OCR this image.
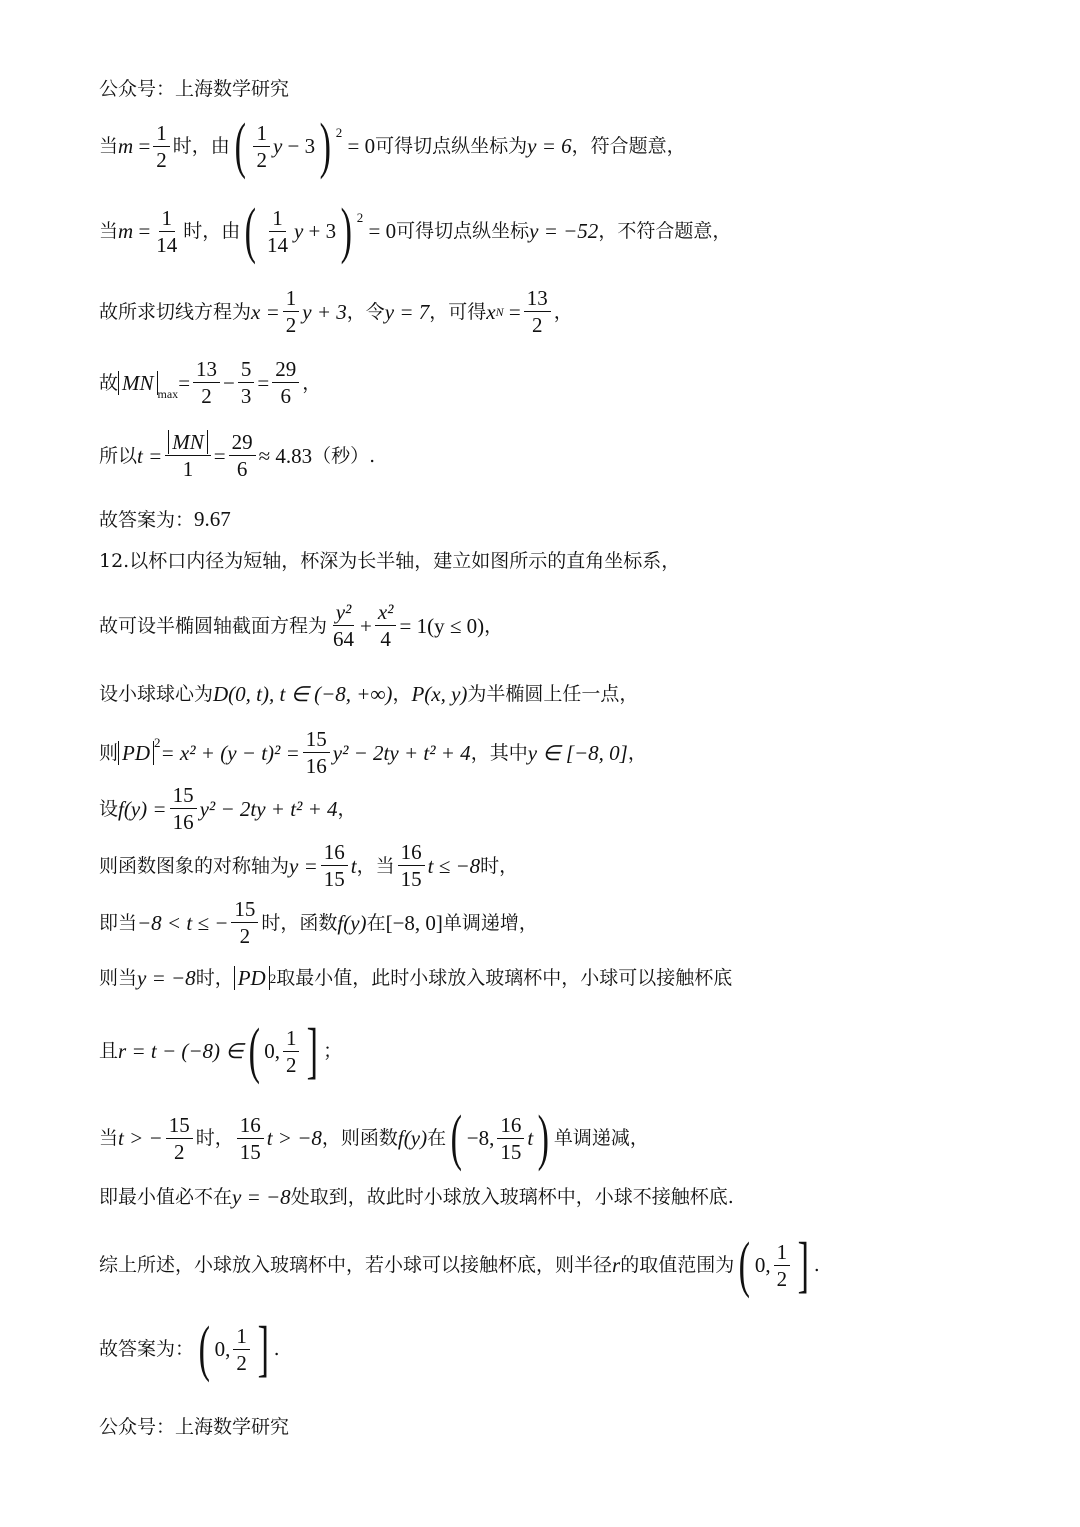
公众号：上海数学研究
当 m
= $\frac{1}{2}$ 时，由 ( $\frac{1}{2}$ y
− 3 ) 2

= 0 可得切点纵坐标为 y = 6 ，符合题意，
当 $m = \frac{1}{14}$ 时，由 ( $\frac{1}{14}$ y
+ 3 ) 2

= 0 可得切点纵坐标 y = −52 ，不符合题意，
故所求切线方程为 $x = \frac{1}{2}$ y + 3 ，令 y = 7 ，可得 x N
= $\frac{13}{2}$ ，
故 MN $\max = \frac{13}{2} - \frac{5}{3} = \frac{29}{6}$ ，
所以 $t = \frac{MN}{1} = \frac{29}{6} \approx 4.83$ （秒）.
故答案为：9.67
12.以杯口内径为短轴，杯深为长半轴，建立如图所示的直角坐标系，
故可设半椭圆轴截面方程为 $\frac{\text{y²}}{64} + \frac{\text{x²}}{4} = 1(y \le 0)$ ，
设小球球心为 D(0, t), t ∈ (−8, +∞) ， P(x, y) 为半椭圆上任一点，
则 PD $2 = x^2 + (y - t)^2 = \frac{15}{16} y^2 - 2ty + t^2 + 4$ ，其中 y ∈ [−8, 0] ，
设 $f(y) = \frac{15}{16} y^2 - 2ty + t^2 + 4$ ，
则函数图象的对称轴为 $y = \frac{16}{15}$ t ，当 $\frac{16}{15}$ t ≤ −8 时，
即当 −8 < t ≤ − $\frac{15}{2}$ 时，函数 f(y) 在 [−8, 0] 单调递增，
则当 y = −8 时， PD 2 取最小值，此时小球放入玻璃杯中，小球可以接触杯底
且 r = t − (−8) ∈ ( 0, $\frac{1}{2}$ ] ；
当 t > − $\frac{15}{2}$ 时， $\frac{16}{15}$ t > −8 ，则函数 f(y) 在 ( −8, $\frac{16}{15}$ t ) 单调递减，
即最小值必不在 y = −8 处取到，故此时小球放入玻璃杯中，小球不接触杯底.
综上所述，小球放入玻璃杯中，若小球可以接触杯底，则半径 r 的取值范围为 ( 0, $\frac{1}{2}$ ] .
故答案为： ( 0, $\frac{1}{2}$ ] .
公众号：上海数学研究
